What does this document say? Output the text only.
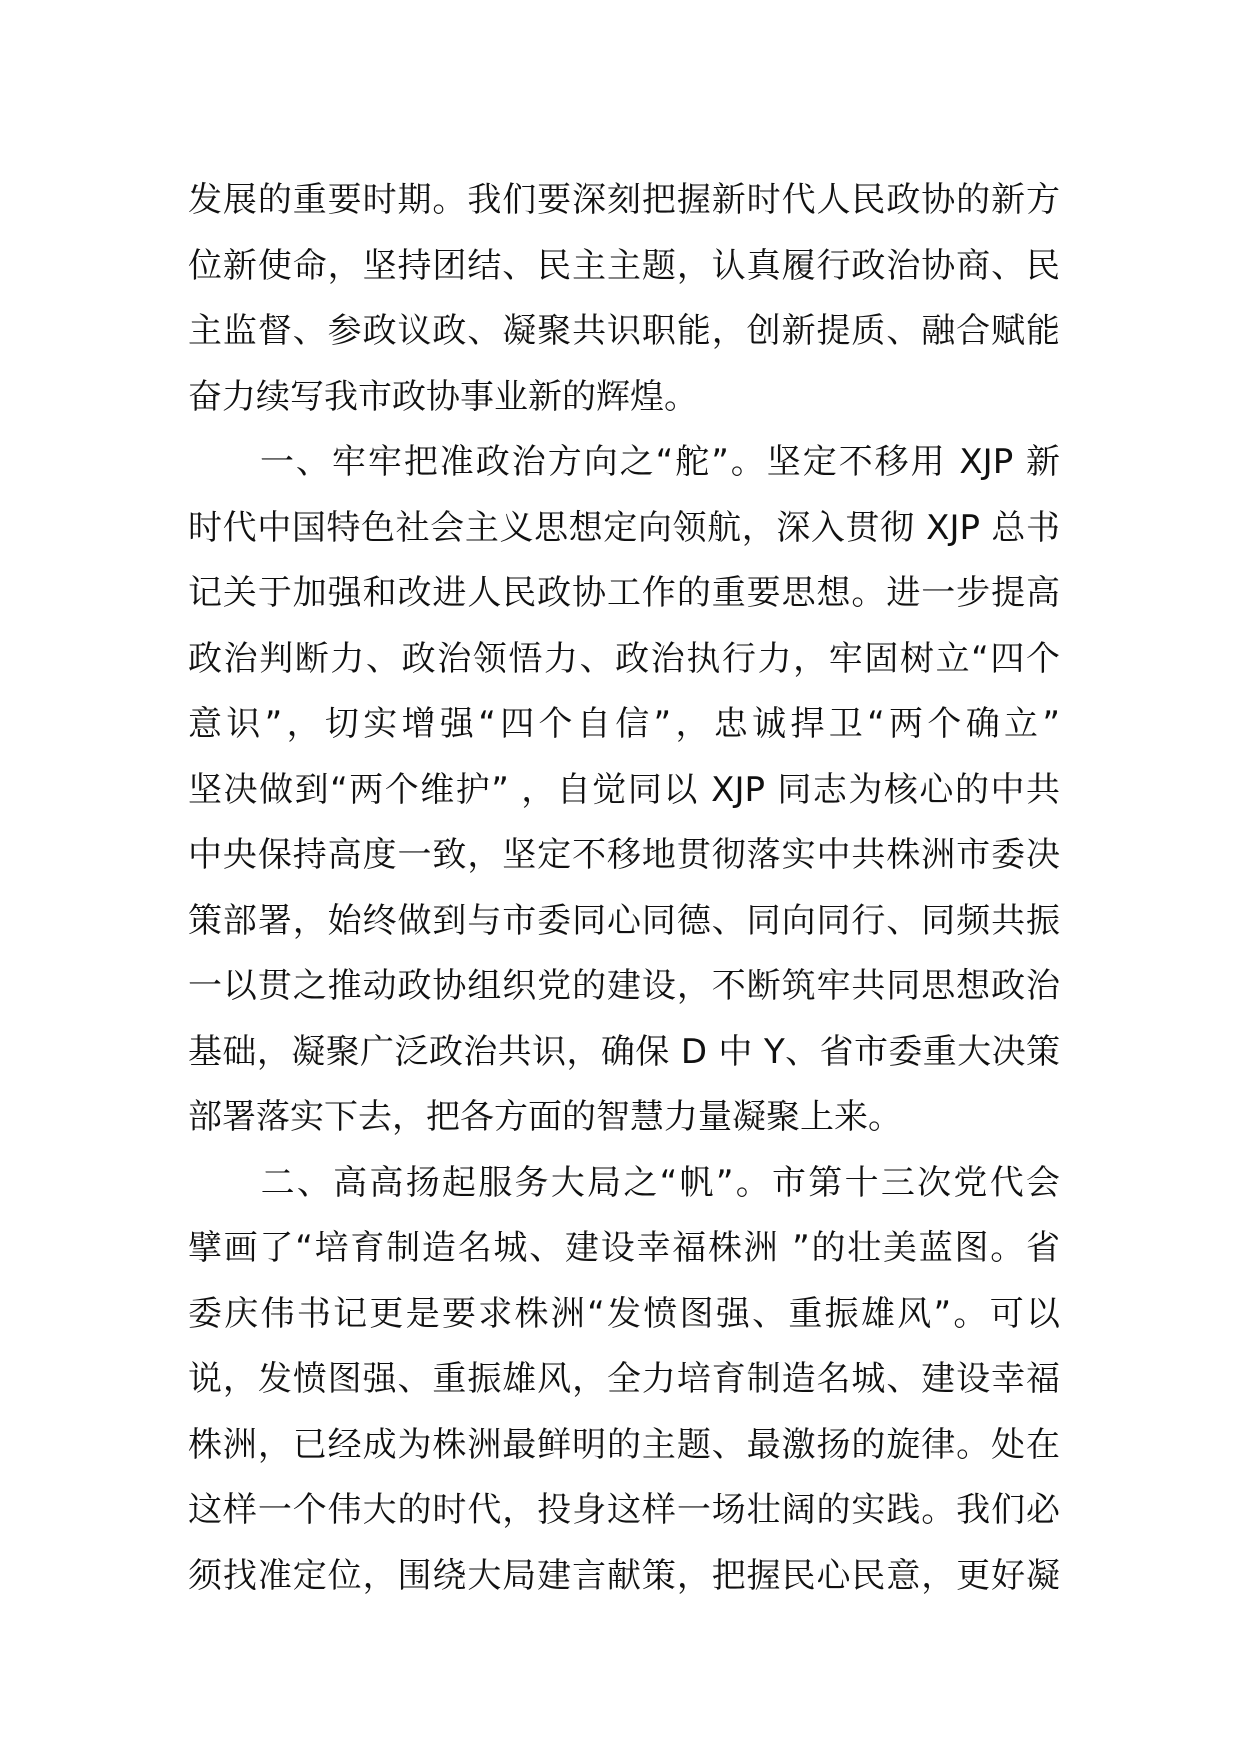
发展的重要时期。我们要深刻把握新时代人民政协的新方
位新使命，坚持团结、民主主题，认真履行政治协商、民
主监督、参政议政、凝聚共识职能，创新提质、融合赋能
奋力续写我市政协事业新的辉煌。
　　一、牢牢把准政治方向之“舵”。坚定不移用 XJP 新
时代中国特色社会主义思想定向领航，深入贯彻 XJP 总书
记关于加强和改进人民政协工作的重要思想。进一步提高
政治判断力、政治领悟力、政治执行力，牢固树立“四个
意识”，切实增强“四个自信”，忠诚捍卫“两个确立”
坚决做到“两个维护” ，自觉同以 XJP 同志为核心的中共
中央保持高度一致，坚定不移地贯彻落实中共株洲市委决
策部署，始终做到与市委同心同德、同向同行、同频共振
一以贯之推动政协组织党的建设，不断筑牢共同思想政治
基础，凝聚广泛政治共识，确保 D 中 Y、省市委重大决策
部署落实下去，把各方面的智慧力量凝聚上来。
　　二、高高扬起服务大局之“帆”。市第十三次党代会
擘画了“培育制造名城、建设幸福株洲 ”的壮美蓝图。省
委庆伟书记更是要求株洲“发愤图强、重振雄风”。可以
说，发愤图强、重振雄风，全力培育制造名城、建设幸福
株洲，已经成为株洲最鲜明的主题、最激扬的旋律。处在
这样一个伟大的时代，投身这样一场壮阔的实践。我们必
须找准定位，围绕大局建言献策，把握民心民意，更好凝
